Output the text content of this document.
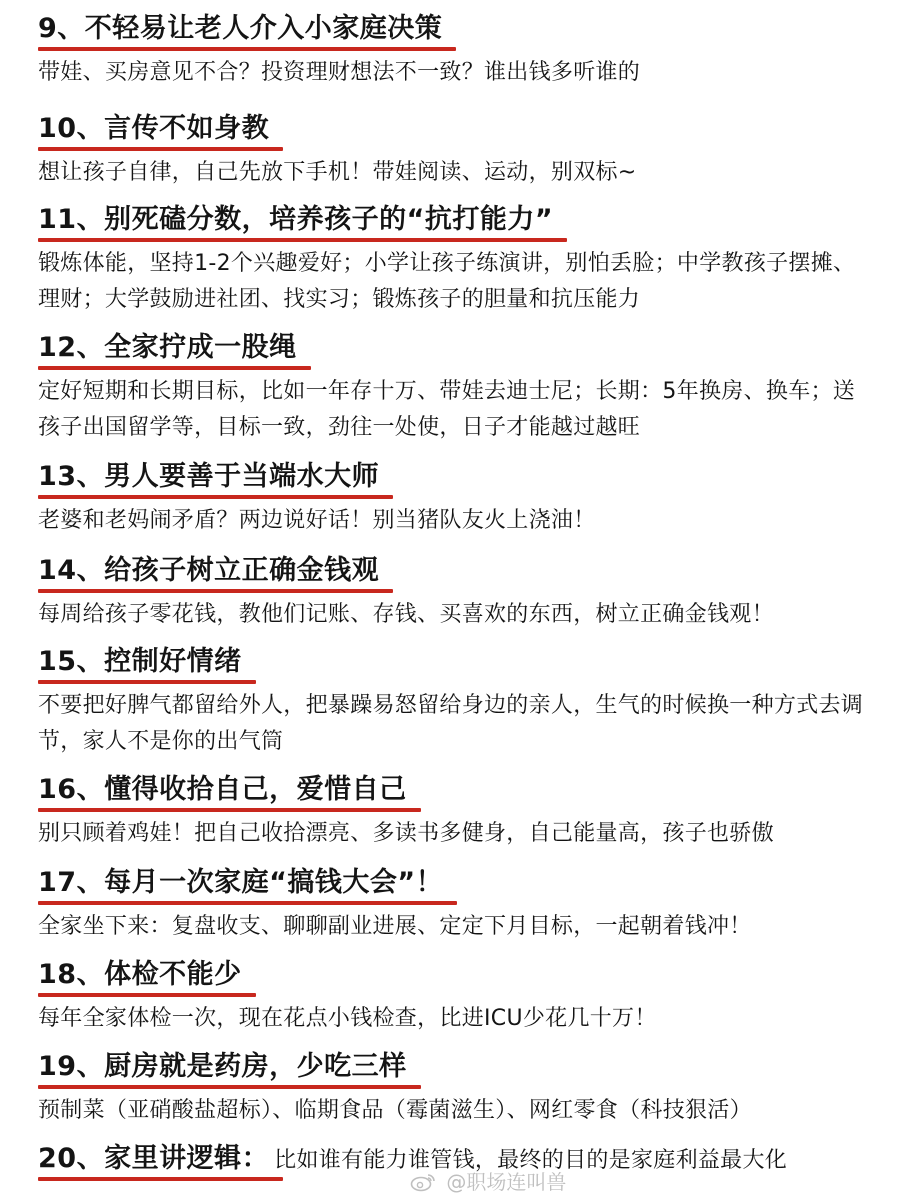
9、不轻易让老人介入小家庭决策
带娃、买房意见不合？投资理财想法不一致？谁出钱多听谁的
10、言传不如身教
想让孩子自律，自己先放下手机！带娃阅读、运动，别双标~
11、别死磕分数，培养孩子的“抗打能力”
锻炼体能，坚持1-2个兴趣爱好；小学让孩子练演讲，别怕丢脸；中学教孩子摆摊、理财；大学鼓励进社团、找实习；锻炼孩子的胆量和抗压能力
12、全家拧成一股绳
定好短期和长期目标，比如一年存十万、带娃去迪士尼；长期：5年换房、换车；送孩子出国留学等，目标一致，劲往一处使，日子才能越过越旺
13、男人要善于当端水大师
老婆和老妈闹矛盾？两边说好话！别当猪队友火上浇油！
14、给孩子树立正确金钱观
每周给孩子零花钱，教他们记账、存钱、买喜欢的东西，树立正确金钱观！
15、控制好情绪
不要把好脾气都留给外人，把暴躁易怒留给身边的亲人，生气的时候换一种方式去调节，家人不是你的出气筒
16、懂得收拾自己，爱惜自己
别只顾着鸡娃！把自己收拾漂亮、多读书多健身，自己能量高，孩子也骄傲
17、每月一次家庭“搞钱大会”！
全家坐下来：复盘收支、聊聊副业进展、定定下月目标，一起朝着钱冲！
18、体检不能少
每年全家体检一次，现在花点小钱检查，比进ICU少花几十万！
19、厨房就是药房，少吃三样
预制菜（亚硝酸盐超标）、临期食品（霉菌滋生）、网红零食（科技狠活）
20、家里讲逻辑： 比如谁有能力谁管钱，最终的目的是家庭利益最大化
@职场连叫兽
